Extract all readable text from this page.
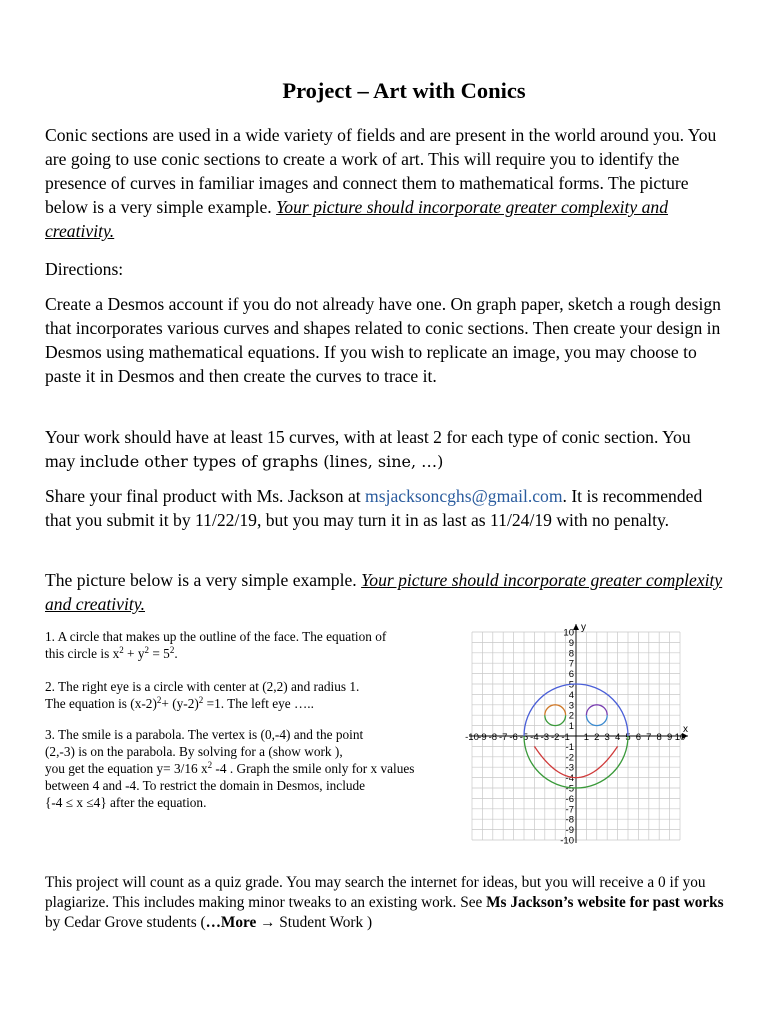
Project – Art with Conics

Conic sections are used in a wide variety of fields and are present in the world around you. You are going to use conic sections to create a work of art. This will require you to identify the presence of curves in familiar images and connect them to mathematical forms. The picture below is a very simple example. Your picture should incorporate greater complexity and creativity.

Directions:

Create a Desmos account if you do not already have one. On graph paper, sketch a rough design that incorporates various curves and shapes related to conic sections. Then create your design in Desmos using mathematical equations. If you wish to replicate an image, you may choose to paste it in Desmos and then create the curves to trace it.

Your work should have at least 15 curves, with at least 2 for each type of conic section. You may include other types of graphs (lines, sine, …)

Share your final product with Ms. Jackson at msjacksoncghs@gmail.com. It is recommended that you submit it by 11/22/19, but you may turn it in as last as 11/24/19 with no penalty.

The picture below is a very simple example. Your picture should incorporate greater complexity and creativity.

1. A circle that makes up the outline of the face. The equation of
this circle is $x^2 + y^2 = 5^2$.
2. The right eye is a circle with center at (2,2) and radius 1.
The equation is $(x-2)^2+ (y-2)^2 =1$. The left eye …..
3. The smile is a parabola. The vertex is (0,-4) and the point
(2,-3) is on the parabola. By solving for a (show work ),
you get the equation y= 3/16 $x^2$ -4 . Graph the smile only for x values
between 4 and -4. To restrict the domain in Desmos, include
{-4 ≤ x ≤4} after the equation.
x
y
-10 -9 -8 -7 -6 -5 -4 -3 -2 -1 1 2 3 4 5 6 7 8 9 10
10
9
8
7
6
5
4
3
2
1
-1
-2
-3
-4
-5
-6
-7
-8
-9
-10

This project will count as a quiz grade. You may search the internet for ideas, but you will receive a 0 if you plagiarize. This includes making minor tweaks to an existing work. See Ms Jackson’s website for past works by Cedar Grove students (…More → Student Work )
